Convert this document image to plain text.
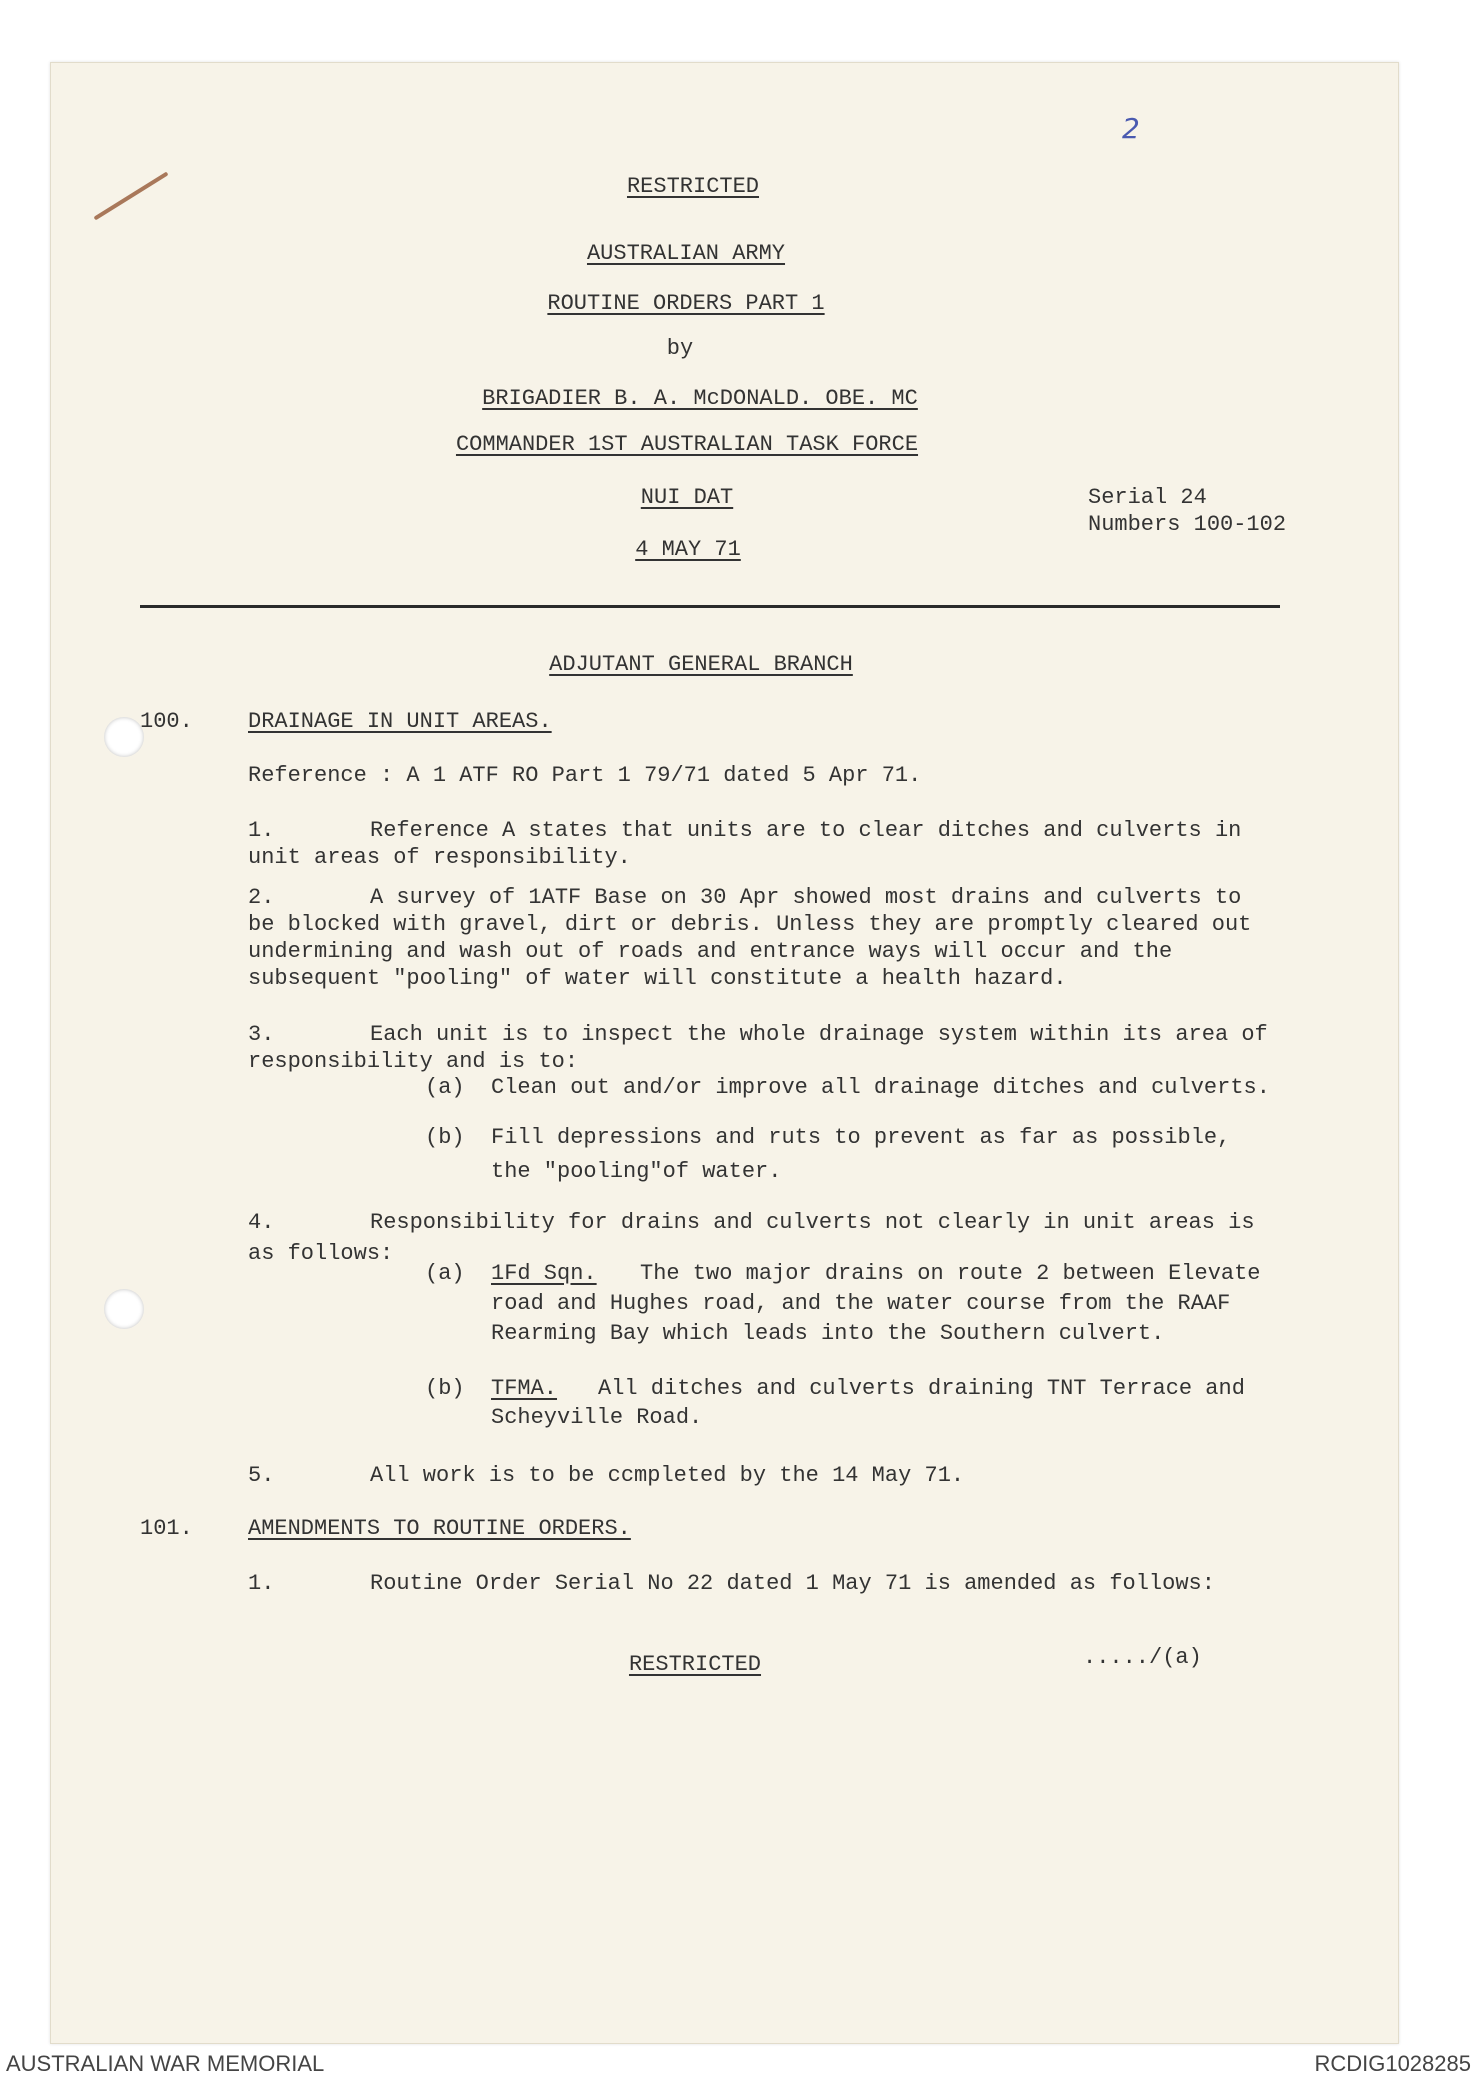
2
RESTRICTED
AUSTRALIAN ARMY
ROUTINE ORDERS PART 1
by
BRIGADIER B. A. McDONALD. OBE. MC
COMMANDER 1ST AUSTRALIAN TASK FORCE
NUI DAT
4 MAY 71
Serial 24
Numbers 100-102
ADJUTANT GENERAL BRANCH
100.	DRAINAGE IN UNIT AREAS.
Reference : A 1 ATF RO Part 1 79/71 dated 5 Apr 71.
1.	Reference A states that units are to clear ditches and culverts in
unit areas of responsibility.
2.	A survey of 1ATF Base on 30 Apr showed most drains and culverts to
be blocked with gravel, dirt or debris. Unless they are promptly cleared out
undermining and wash out of roads and entrance ways will occur and the
subsequent "pooling" of water will constitute a health hazard.
3.	Each unit is to inspect the whole drainage system within its area of
responsibility and is to:
(a) Clean out and/or improve all drainage ditches and culverts.
(b) Fill depressions and ruts to prevent as far as possible,
the "pooling"of water.
4.	Responsibility for drains and culverts not clearly in unit areas is
as follows:
(a) 1Fd Sqn. The two major drains on route 2 between Elevate
road and Hughes road, and the water course from the RAAF
Rearming Bay which leads into the Southern culvert.
(b) TFMA. All ditches and culverts draining TNT Terrace and
Scheyville Road.
5.	All work is to be ccmpleted by the 14 May 71.
101.	AMENDMENTS TO ROUTINE ORDERS.
1.	Routine Order Serial No 22 dated 1 May 71 is amended as follows:
RESTRICTED	...../(a)
AUSTRALIAN WAR MEMORIAL	RCDIG1028285
